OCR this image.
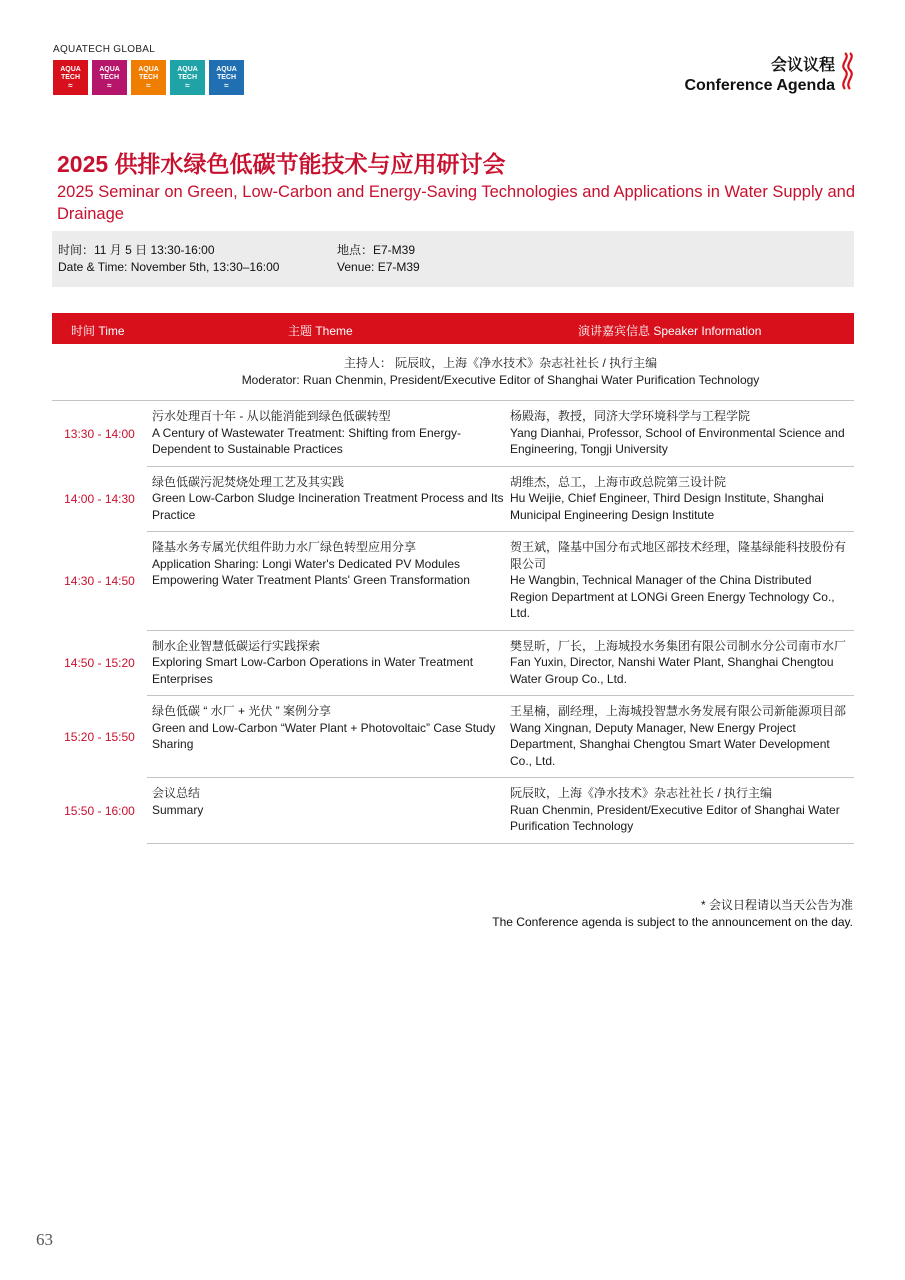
AQUATECH GLOBAL
AQUA
TECH
≈
AQUA
TECH
≈
AQUA
TECH
≈
AQUA
TECH
≈
AQUA
TECH
≈
会议议程
Conference Agenda
2025 供排水绿色低碳节能技术与应用研讨会
2025 Seminar on Green, Low-Carbon and Energy-Saving Technologies and Applications in Water Supply and Drainage
时间：11 月 5 日 13:30-16:00
Date & Time: November 5th, 13:30–16:00
地点：E7-M39
Venue: E7-M39
时间 Time	主题 Theme	演讲嘉宾信息 Speaker Information
主持人： 阮辰旼，上海《净水技术》杂志社社长 / 执行主编
Moderator: Ruan Chenmin, President/Executive Editor of Shanghai Water Purification Technology
13:30 - 14:00
污水处理百十年 - 从以能消能到绿色低碳转型
A Century of Wastewater Treatment: Shifting from Energy-Dependent to Sustainable Practices
杨殿海，教授，同济大学环境科学与工程学院
Yang Dianhai, Professor, School of Environmental Science and Engineering, Tongji University
14:00 - 14:30
绿色低碳污泥焚烧处理工艺及其实践
Green Low-Carbon Sludge Incineration Treatment Process and Its Practice
胡维杰，总工，上海市政总院第三设计院
Hu Weijie, Chief Engineer, Third Design Institute, Shanghai Municipal Engineering Design Institute
14:30 - 14:50
隆基水务专属光伏组件助力水厂绿色转型应用分享
Application Sharing: Longi Water's Dedicated PV Modules Empowering Water Treatment Plants' Green Transformation
贺王斌，隆基中国分布式地区部技术经理，隆基绿能科技股份有限公司
He Wangbin, Technical Manager of the China Distributed Region Department at LONGi Green Energy Technology Co., Ltd.
14:50 - 15:20
制水企业智慧低碳运行实践探索
Exploring Smart Low-Carbon Operations in Water Treatment Enterprises
樊昱昕，厂长，上海城投水务集团有限公司制水分公司南市水厂
Fan Yuxin, Director, Nanshi Water Plant, Shanghai Chengtou Water Group Co., Ltd.
15:20 - 15:50
绿色低碳 “ 水厂 + 光伏 ” 案例分享
Green and Low-Carbon “Water Plant + Photovoltaic” Case Study Sharing
王星楠，副经理，上海城投智慧水务发展有限公司新能源项目部
Wang Xingnan, Deputy Manager, New Energy Project Department, Shanghai Chengtou Smart Water Development Co., Ltd.
15:50 - 16:00
会议总结
Summary
阮辰旼，上海《净水技术》杂志社社长 / 执行主编
Ruan Chenmin, President/Executive Editor of Shanghai Water Purification Technology
* 会议日程请以当天公告为准
The Conference agenda is subject to the announcement on the day.
63
